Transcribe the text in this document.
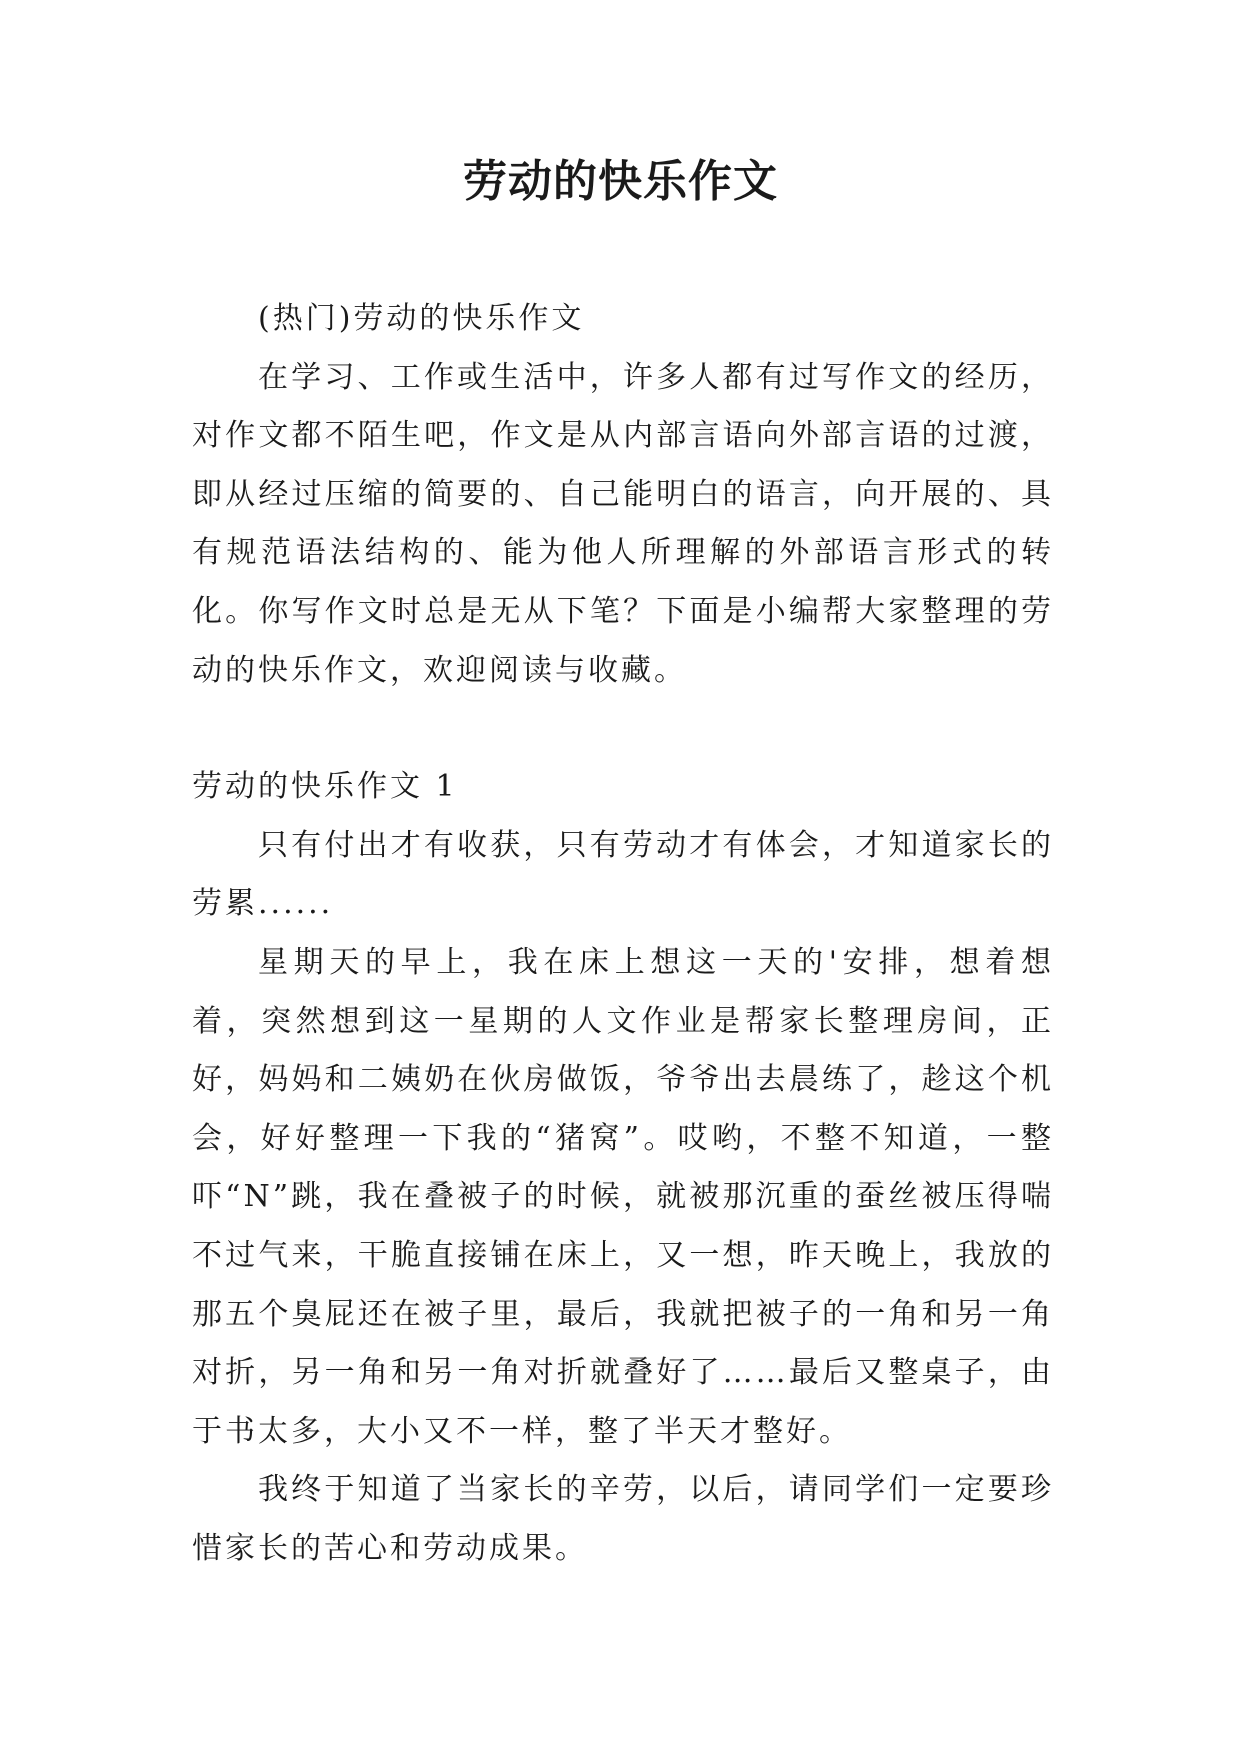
劳动的快乐作文

(热门)劳动的快乐作文

在学习、工作或生活中，许多人都有过写作文的经历，对作文都不陌生吧，作文是从内部言语向外部言语的过渡，即从经过压缩的简要的、自己能明白的语言，向开展的、具有规范语法结构的、能为他人所理解的外部语言形式的转化。你写作文时总是无从下笔？下面是小编帮大家整理的劳动的快乐作文，欢迎阅读与收藏。

劳动的快乐作文 1

只有付出才有收获，只有劳动才有体会，才知道家长的劳累......

星期天的早上，我在床上想这一天的'安排，想着想着，突然想到这一星期的人文作业是帮家长整理房间，正好，妈妈和二姨奶在伙房做饭，爷爷出去晨练了，趁这个机会，好好整理一下我的“猪窝”。哎哟，不整不知道，一整吓“N”跳，我在叠被子的时候，就被那沉重的蚕丝被压得喘不过气来，干脆直接铺在床上，又一想，昨天晚上，我放的那五个臭屁还在被子里，最后，我就把被子的一角和另一角对折，另一角和另一角对折就叠好了……最后又整桌子，由于书太多，大小又不一样，整了半天才整好。

我终于知道了当家长的辛劳，以后，请同学们一定要珍惜家长的苦心和劳动成果。
